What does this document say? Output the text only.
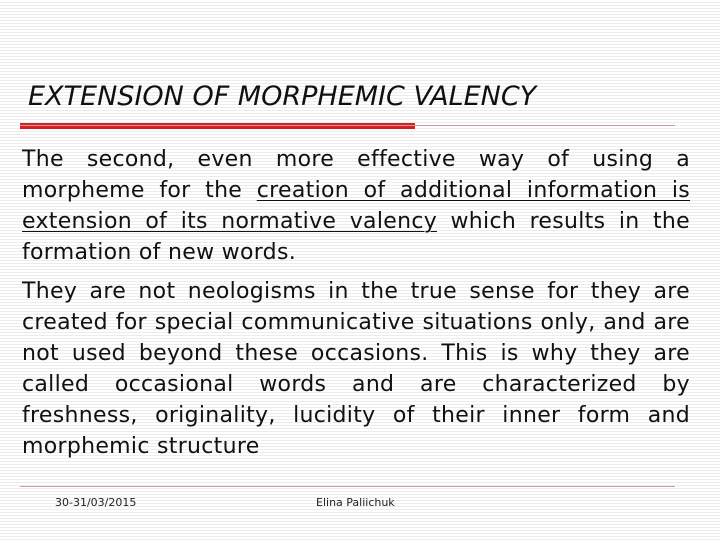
EXTENSION OF MORPHEMIC VALENCY

The second, even more effective way of using a morpheme for the creation of additional information is extension of its normative valency which results in the formation of new words.

They are not neologisms in the true sense for they are created for special communicative situations only, and are not used beyond these occasions. This is why they are called occasional words and are characterized by freshness, originality, lucidity of their inner form and morphemic structure

30-31/03/2015	Elina Paliichuk
